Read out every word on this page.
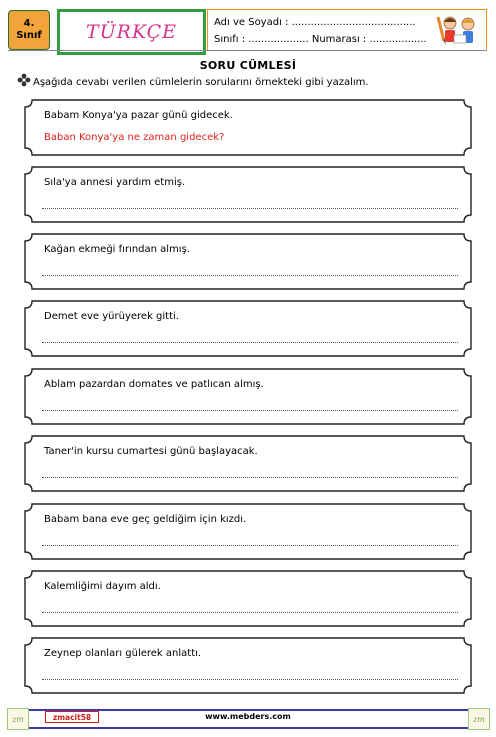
4.
Sınıf TÜRKÇE	Adı ve Soyadı : .......................................
Sınıfı : ................... Numarası : ..................
SORU CÜMLESİ
Aşağıda cevabı verilen cümlelerin sorularını örnekteki gibi yazalım.
Babam Konya'ya pazar günü gidecek.
Baban Konya'ya ne zaman gidecek?
Sıla'ya annesi yardım etmiş.
Kağan ekmeği fırından almış.
Demet eve yürüyerek gitti.
Ablam pazardan domates ve patlıcan almış.
Taner'in kursu cumartesi günü başlayacak.
Babam bana eve geç geldiğim için kızdı.
Kalemliğimi dayım aldı.
Zeynep olanları gülerek anlattı.
zm	zmacit58	www.mebders.com	zm
